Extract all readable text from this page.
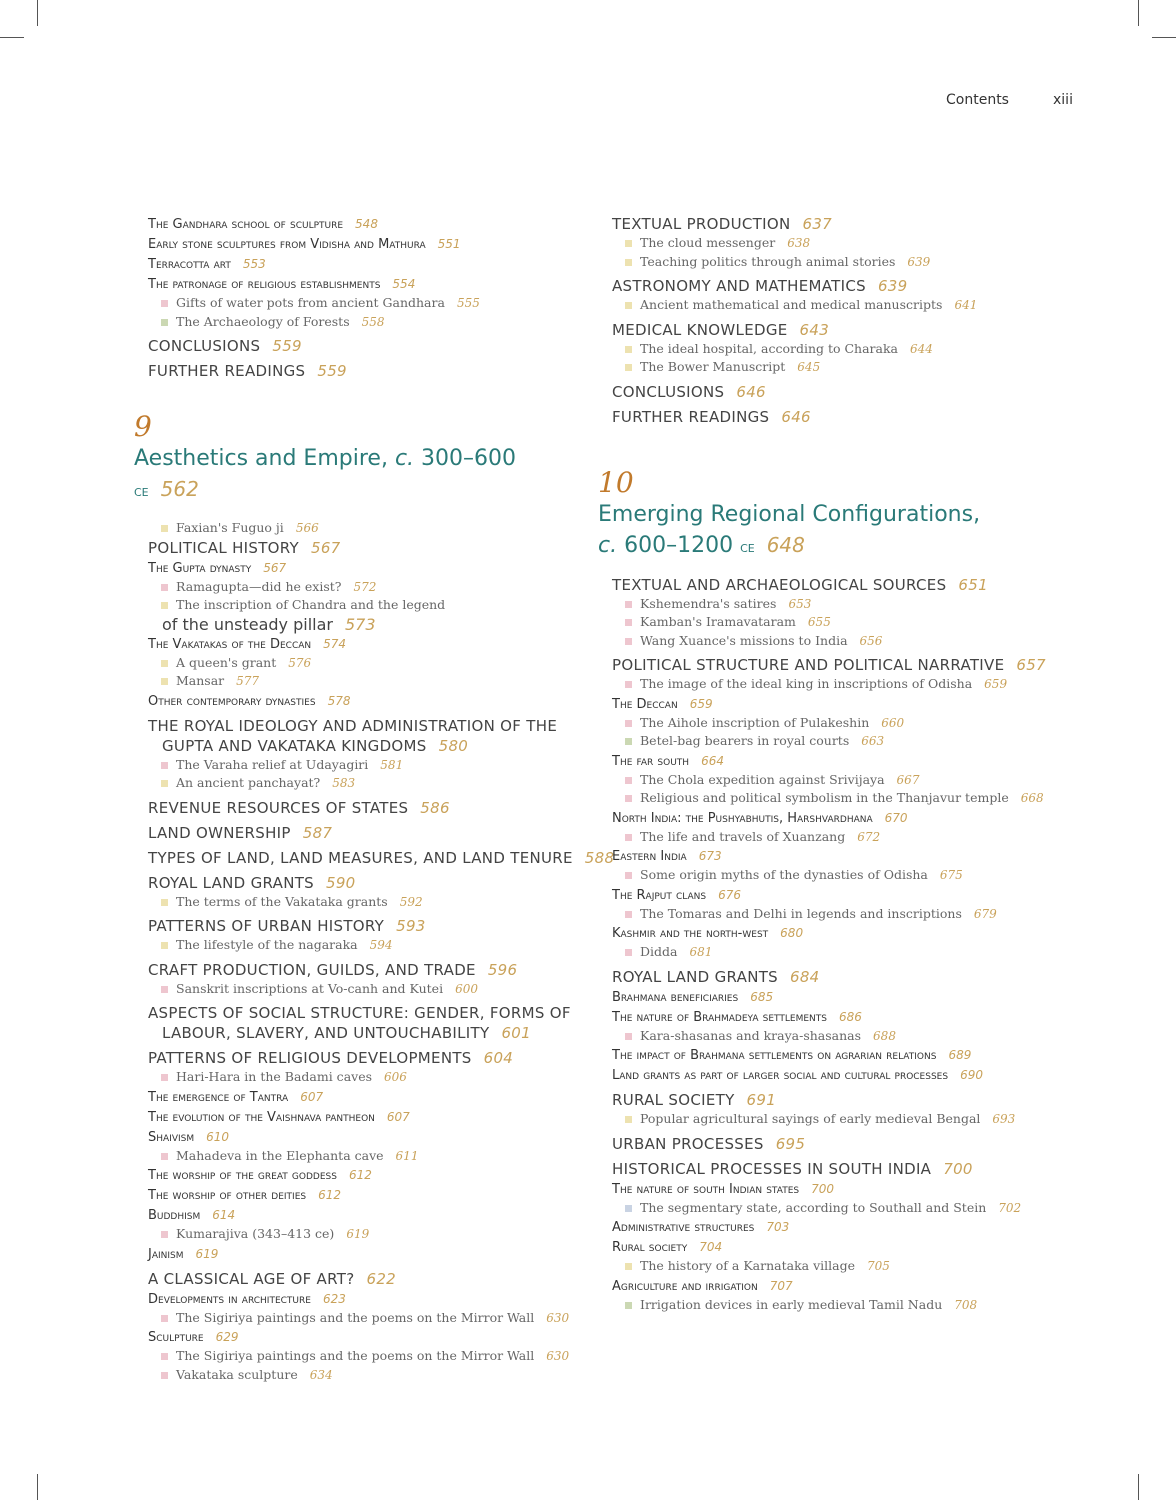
Contents	xiii
The Gandhara school of sculpture 548
Early stone sculptures from Vidisha and Mathura 551
Terracotta art 553
The patronage of religious establishments 554
Gifts of water pots from ancient Gandhara 555
The Archaeology of Forests 558
CONCLUSIONS 559
FURTHER READINGS 559
9
Aesthetics and Empire, c. 300–600 ce 562
Faxian's Fuguo ji 566
POLITICAL HISTORY 567
The Gupta dynasty 567
Ramagupta—did he exist? 572
The inscription of Chandra and the legend
of the unsteady pillar 573
The Vakatakas of the Deccan 574
A queen's grant 576
Mansar 577
Other contemporary dynasties 578
THE ROYAL IDEOLOGY AND ADMINISTRATION OF THE
GUPTA AND VAKATAKA KINGDOMS 580
The Varaha relief at Udayagiri 581
An ancient panchayat? 583
REVENUE RESOURCES OF STATES 586
LAND OWNERSHIP 587
TYPES OF LAND, LAND MEASURES, AND LAND TENURE 588
ROYAL LAND GRANTS 590
The terms of the Vakataka grants 592
PATTERNS OF URBAN HISTORY 593
The lifestyle of the nagaraka 594
CRAFT PRODUCTION, GUILDS, AND TRADE 596
Sanskrit inscriptions at Vo-canh and Kutei 600
ASPECTS OF SOCIAL STRUCTURE: GENDER, FORMS OF
LABOUR, SLAVERY, AND UNTOUCHABILITY 601
PATTERNS OF RELIGIOUS DEVELOPMENTS 604
Hari-Hara in the Badami caves 606
The emergence of Tantra 607
The evolution of the Vaishnava pantheon 607
Shaivism 610
Mahadeva in the Elephanta cave 611
The worship of the great goddess 612
The worship of other deities 612
Buddhism 614
Kumarajiva (343–413 ce) 619
Jainism 619
A CLASSICAL AGE OF ART? 622
Developments in architecture 623
The Sigiriya paintings and the poems on the Mirror Wall 630
Sculpture 629
The Sigiriya paintings and the poems on the Mirror Wall 630
Vakataka sculpture 634
TEXTUAL PRODUCTION 637
The cloud messenger 638
Teaching politics through animal stories 639
ASTRONOMY AND MATHEMATICS 639
Ancient mathematical and medical manuscripts 641
MEDICAL KNOWLEDGE 643
The ideal hospital, according to Charaka 644
The Bower Manuscript 645
CONCLUSIONS 646
FURTHER READINGS 646
10
Emerging Regional Configurations,
c. 600–1200 ce 648
TEXTUAL AND ARCHAEOLOGICAL SOURCES 651
Kshemendra's satires 653
Kamban's Iramavataram 655
Wang Xuance's missions to India 656
POLITICAL STRUCTURE AND POLITICAL NARRATIVE 657
The image of the ideal king in inscriptions of Odisha 659
The Deccan 659
The Aihole inscription of Pulakeshin 660
Betel-bag bearers in royal courts 663
The far south 664
The Chola expedition against Srivijaya 667
Religious and political symbolism in the Thanjavur temple 668
North India: the Pushyabhutis, Harshvardhana 670
The life and travels of Xuanzang 672
Eastern India 673
Some origin myths of the dynasties of Odisha 675
The Rajput clans 676
The Tomaras and Delhi in legends and inscriptions 679
Kashmir and the north-west 680
Didda 681
ROYAL LAND GRANTS 684
Brahmana beneficiaries 685
The nature of Brahmadeya settlements 686
Kara-shasanas and kraya-shasanas 688
The impact of Brahmana settlements on agrarian relations 689
Land grants as part of larger social and cultural processes 690
RURAL SOCIETY 691
Popular agricultural sayings of early medieval Bengal 693
URBAN PROCESSES 695
HISTORICAL PROCESSES IN SOUTH INDIA 700
The nature of south Indian states 700
The segmentary state, according to Southall and Stein 702
Administrative structures 703
Rural society 704
The history of a Karnataka village 705
Agriculture and irrigation 707
Irrigation devices in early medieval Tamil Nadu 708
